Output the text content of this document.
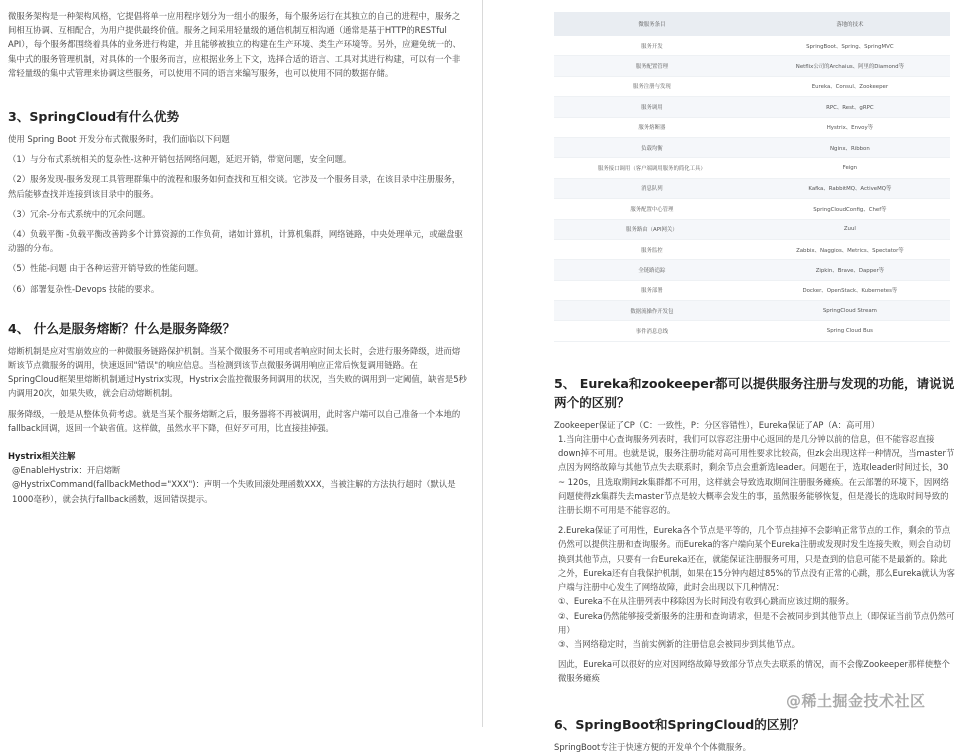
微服务架构是一种架构风格，它提倡将单一应用程序划分为一组小的服务，每个服务运行在其独立的自己的进程中，服务之间相互协调、互相配合，为用户提供最终价值。服务之间采用轻量级的通信机制互相沟通（通常是基于HTTP的RESTful API），每个服务都围绕着具体的业务进行构建，并且能够被独立的构建在生产环境、类生产环境等。另外，应避免统一的、集中式的服务管理机制，对具体的一个服务而言，应根据业务上下文，选择合适的语言、工具对其进行构建，可以有一个非常轻量级的集中式管理来协调这些服务，可以使用不同的语言来编写服务，也可以使用不同的数据存储。

3、SpringCloud有什么优势

使用 Spring Boot 开发分布式微服务时，我们面临以下问题

（1）与分布式系统相关的复杂性-这种开销包括网络问题，延迟开销，带宽问题，安全问题。

（2）服务发现-服务发现工具管理群集中的流程和服务如何查找和互相交谈。它涉及一个服务目录，在该目录中注册服务，然后能够查找并连接到该目录中的服务。

（3）冗余-分布式系统中的冗余问题。

（4）负载平衡 -负载平衡改善跨多个计算资源的工作负荷，诸如计算机，计算机集群，网络链路，中央处理单元，或磁盘驱动器的分布。

（5）性能-问题 由于各种运营开销导致的性能问题。

（6）部署复杂性-Devops 技能的要求。

4、 什么是服务熔断？什么是服务降级？

熔断机制是应对雪崩效应的一种微服务链路保护机制。当某个微服务不可用或者响应时间太长时，会进行服务降级，进而熔断该节点微服务的调用，快速返回"错误"的响应信息。当检测到该节点微服务调用响应正常后恢复调用链路。在SpringCloud框架里熔断机制通过Hystrix实现，Hystrix会监控微服务间调用的状况，当失败的调用到一定阈值，缺省是5秒内调用20次，如果失败，就会启动熔断机制。

服务降级，一般是从整体负荷考虑。就是当某个服务熔断之后，服务器将不再被调用，此时客户端可以自己准备一个本地的fallback回调，返回一个缺省值。这样做，虽然水平下降，但好歹可用，比直接挂掉强。

Hystrix相关注解

@EnableHystrix：开启熔断

@HystrixCommand(fallbackMethod="XXX")：声明一个失败回滚处理函数XXX，当被注解的方法执行超时（默认是1000毫秒），就会执行fallback函数，返回错误提示。

微服务条目	落地的技术
服务开发	SpringBoot、Spring、SpringMVC
服务配置管理	Netflix公司的Archaius、阿里的Diamond等
服务注册与发现	Eureka、Consul、Zookeeper
服务调用	RPC、Rest、gRPC
服务熔断器	Hystrix、Envoy等
负载均衡	Nginx、Ribbon
服务接口调用（客户端调用服务的简化工具）	Feign
消息队列	Kafka、RabbitMQ、ActiveMQ等
服务配置中心管理	SpringCloudConfig、Chef等
服务路由（API网关）	Zuul
服务监控	Zabbix、Naggios、Metrics、Spectator等
全链路追踪	Zipkin、Brave、Dapper等
服务部署	Docker、OpenStack、Kubernetes等
数据流操作开发包	SpringCloud Stream
事件消息总线	Spring Cloud Bus
5、 Eureka和zookeeper都可以提供服务注册与发现的功能，请说说两个的区别？

Zookeeper保证了CP（C：一致性，P：分区容错性），Eureka保证了AP（A：高可用）

1.当向注册中心查询服务列表时，我们可以容忍注册中心返回的是几分钟以前的信息，但不能容忍直接down掉不可用。也就是说，服务注册功能对高可用性要求比较高，但zk会出现这样一种情况，当master节点因为网络故障与其他节点失去联系时，剩余节点会重新选leader。问题在于，选取leader时间过长，30 ~ 120s，且选取期间zk集群都不可用，这样就会导致选取期间注册服务瘫痪。在云部署的环境下，因网络问题使得zk集群失去master节点是较大概率会发生的事，虽然服务能够恢复，但是漫长的选取时间导致的注册长期不可用是不能容忍的。

2.Eureka保证了可用性，Eureka各个节点是平等的，几个节点挂掉不会影响正常节点的工作，剩余的节点仍然可以提供注册和查询服务。而Eureka的客户端向某个Eureka注册或发现时发生连接失败，则会自动切换到其他节点，只要有一台Eureka还在，就能保证注册服务可用，只是查到的信息可能不是最新的。除此之外，Eureka还有自我保护机制，如果在15分钟内超过85%的节点没有正常的心跳，那么Eureka就认为客户端与注册中心发生了网络故障，此时会出现以下几种情况：

①、Eureka不在从注册列表中移除因为长时间没有收到心跳而应该过期的服务。

②、Eureka仍然能够接受新服务的注册和查询请求，但是不会被同步到其他节点上（即保证当前节点仍然可用）

③、当网络稳定时，当前实例新的注册信息会被同步到其他节点。

因此，Eureka可以很好的应对因网络故障导致部分节点失去联系的情况，而不会像Zookeeper那样使整个微服务瘫痪

6、SpringBoot和SpringCloud的区别？

SpringBoot专注于快速方便的开发单个个体微服务。

@稀土掘金技术社区
